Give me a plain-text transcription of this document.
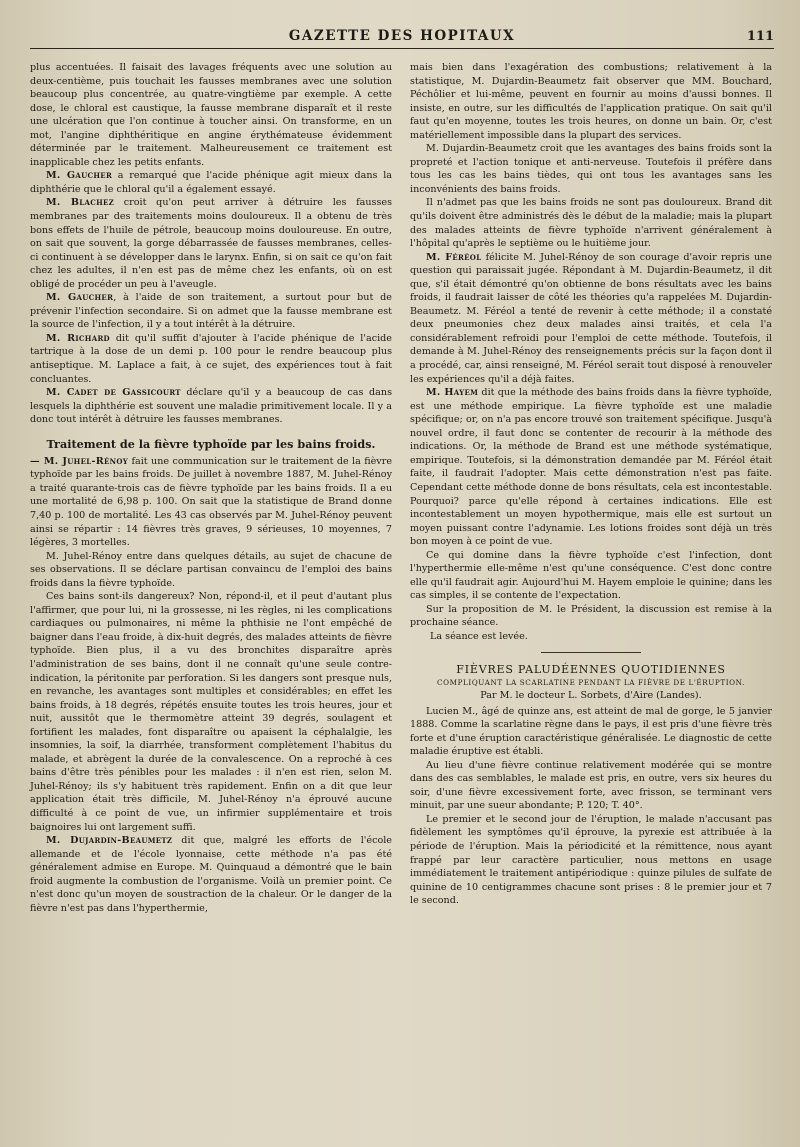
GAZETTE DES HOPITAUX	111

plus accentuées. Il faisait des lavages fréquents avec une solution au deux-centième, puis touchait les fausses membranes avec une solution beaucoup plus concentrée, au quatre-vingtième par exemple. A cette dose, le chloral est caustique, la fausse membrane disparaît et il reste une ulcération que l'on continue à toucher ainsi. On transforme, en un mot, l'angine diphthéritique en angine érythémateuse évidemment déterminée par le traitement. Malheureusement ce traitement est inapplicable chez les petits enfants.

M. Gaucher a remarqué que l'acide phénique agit mieux dans la diphthérie que le chloral qu'il a également essayé.

M. Blachez croit qu'on peut arriver à détruire les fausses membranes par des traitements moins douloureux. Il a obtenu de très bons effets de l'huile de pétrole, beaucoup moins douloureuse. En outre, on sait que souvent, la gorge débarrassée de fausses membranes, celles-ci continuent à se développer dans le larynx. Enfin, si on sait ce qu'on fait chez les adultes, il n'en est pas de même chez les enfants, où on est obligé de procéder un peu à l'aveugle.

M. Gaucher, à l'aide de son traitement, a surtout pour but de prévenir l'infection secondaire. Si on admet que la fausse membrane est la source de l'infection, il y a tout intérêt à la détruire.

M. Richard dit qu'il suffit d'ajouter à l'acide phénique de l'acide tartrique à la dose de un demi p. 100 pour le rendre beaucoup plus antiseptique. M. Laplace a fait, à ce sujet, des expériences tout à fait concluantes.

M. Cadet de Gassicourt déclare qu'il y a beaucoup de cas dans lesquels la diphthérie est souvent une maladie primitivement locale. Il y a donc tout intérêt à détruire les fausses membranes.

Traitement de la fièvre typhoïde par les bains froids.

— M. Juhel-Rénoy fait une communication sur le traitement de la fièvre typhoïde par les bains froids. De juillet à novembre 1887, M. Juhel-Rénoy a traité quarante-trois cas de fièvre typhoïde par les bains froids. Il a eu une mortalité de 6,98 p. 100. On sait que la statistique de Brand donne 7,40 p. 100 de mortalité. Les 43 cas observés par M. Juhel-Rénoy peuvent ainsi se répartir : 14 fièvres très graves, 9 sérieuses, 10 moyennes, 7 légères, 3 mortelles.

M. Juhel-Rénoy entre dans quelques détails, au sujet de chacune de ses observations. Il se déclare partisan convaincu de l'emploi des bains froids dans la fièvre typhoïde.

Ces bains sont-ils dangereux? Non, répond-il, et il peut d'autant plus l'affirmer, que pour lui, ni la grossesse, ni les règles, ni les complications cardiaques ou pulmonaires, ni même la phthisie ne l'ont empêché de baigner dans l'eau froide, à dix-huit degrés, des malades atteints de fièvre typhoïde. Bien plus, il a vu des bronchites disparaître après l'administration de ses bains, dont il ne connaît qu'une seule contre-indication, la péritonite par perforation. Si les dangers sont presque nuls, en revanche, les avantages sont multiples et considérables; en effet les bains froids, à 18 degrés, répétés ensuite toutes les trois heures, jour et nuit, aussitôt que le thermomètre atteint 39 degrés, soulagent et fortifient les malades, font disparaître ou apaisent la céphalalgie, les insomnies, la soif, la diarrhée, transforment complètement l'habitus du malade, et abrègent la durée de la convalescence. On a reproché à ces bains d'être très pénibles pour les malades : il n'en est rien, selon M. Juhel-Rénoy; ils s'y habituent très rapidement. Enfin on a dit que leur application était très difficile, M. Juhel-Rénoy n'a éprouvé aucune difficulté à ce point de vue, un infirmier supplémentaire et trois baignoires lui ont largement suffi.

M. Dujardin-Beaumetz dit que, malgré les efforts de l'école allemande et de l'école lyonnaise, cette méthode n'a pas été généralement admise en Europe. M. Quinquaud a démontré que le bain froid augmente la combustion de l'organisme. Voilà un premier point. Ce n'est donc qu'un moyen de soustraction de la chaleur. Or le danger de la fièvre n'est pas dans l'hyperthermie,

mais bien dans l'exagération des combustions; relativement à la statistique, M. Dujardin-Beaumetz fait observer que MM. Bouchard, Péchôlier et lui-même, peuvent en fournir au moins d'aussi bonnes. Il insiste, en outre, sur les difficultés de l'application pratique. On sait qu'il faut qu'en moyenne, toutes les trois heures, on donne un bain. Or, c'est matériellement impossible dans la plupart des services.

M. Dujardin-Beaumetz croit que les avantages des bains froids sont la propreté et l'action tonique et anti-nerveuse. Toutefois il préfère dans tous les cas les bains tièdes, qui ont tous les avantages sans les inconvénients des bains froids.

Il n'admet pas que les bains froids ne sont pas douloureux. Brand dit qu'ils doivent être administrés dès le début de la maladie; mais la plupart des malades atteints de fièvre typhoïde n'arrivent généralement à l'hôpital qu'après le septième ou le huitième jour.

M. Féréol félicite M. Juhel-Rénoy de son courage d'avoir repris une question qui paraissait jugée. Répondant à M. Dujardin-Beaumetz, il dit que, s'il était démontré qu'on obtienne de bons résultats avec les bains froids, il faudrait laisser de côté les théories qu'a rappelées M. Dujardin-Beaumetz. M. Féréol a tenté de revenir à cette méthode; il a constaté deux pneumonies chez deux malades ainsi traités, et cela l'a considérablement refroidi pour l'emploi de cette méthode. Toutefois, il demande à M. Juhel-Rénoy des renseignements précis sur la façon dont il a procédé, car, ainsi renseigné, M. Féréol serait tout disposé à renouveler les expériences qu'il a déjà faites.

M. Hayem dit que la méthode des bains froids dans la fièvre typhoïde, est une méthode empirique. La fièvre typhoïde est une maladie spécifique; or, on n'a pas encore trouvé son traitement spécifique. Jusqu'à nouvel ordre, il faut donc se contenter de recourir à la méthode des indications. Or, la méthode de Brand est une méthode systématique, empirique. Toutefois, si la démonstration demandée par M. Féréol était faite, il faudrait l'adopter. Mais cette démonstration n'est pas faite. Cependant cette méthode donne de bons résultats, cela est incontestable. Pourquoi? parce qu'elle répond à certaines indications. Elle est incontestablement un moyen hypothermique, mais elle est surtout un moyen puissant contre l'adynamie. Les lotions froides sont déjà un très bon moyen à ce point de vue.

Ce qui domine dans la fièvre typhoïde c'est l'infection, dont l'hyperthermie elle-même n'est qu'une conséquence. C'est donc contre elle qu'il faudrait agir. Aujourd'hui M. Hayem emploie le quinine; dans les cas simples, il se contente de l'expectation.

Sur la proposition de M. le Président, la discussion est remise à la prochaine séance.

La séance est levée.

FIÈVRES PALUDÉENNES QUOTIDIENNES
COMPLIQUANT LA SCARLATINE PENDANT LA FIÈVRE DE L'ÉRUPTION.
Par M. le docteur L. Sorbets, d'Aire (Landes).

Lucien M., âgé de quinze ans, est atteint de mal de gorge, le 5 janvier 1888. Comme la scarlatine règne dans le pays, il est pris d'une fièvre très forte et d'une éruption caractéristique généralisée. Le diagnostic de cette maladie éruptive est établi.

Au lieu d'une fièvre continue relativement modérée qui se montre dans des cas semblables, le malade est pris, en outre, vers six heures du soir, d'une fièvre excessivement forte, avec frisson, se terminant vers minuit, par une sueur abondante; P. 120; T. 40°.

Le premier et le second jour de l'éruption, le malade n'accusant pas fidèlement les symptômes qu'il éprouve, la pyrexie est attribuée à la période de l'éruption. Mais la périodicité et la rémittence, nous ayant frappé par leur caractère particulier, nous mettons en usage immédiatement le traitement antipériodique : quinze pilules de sulfate de quinine de 10 centigrammes chacune sont prises : 8 le premier jour et 7 le second.
